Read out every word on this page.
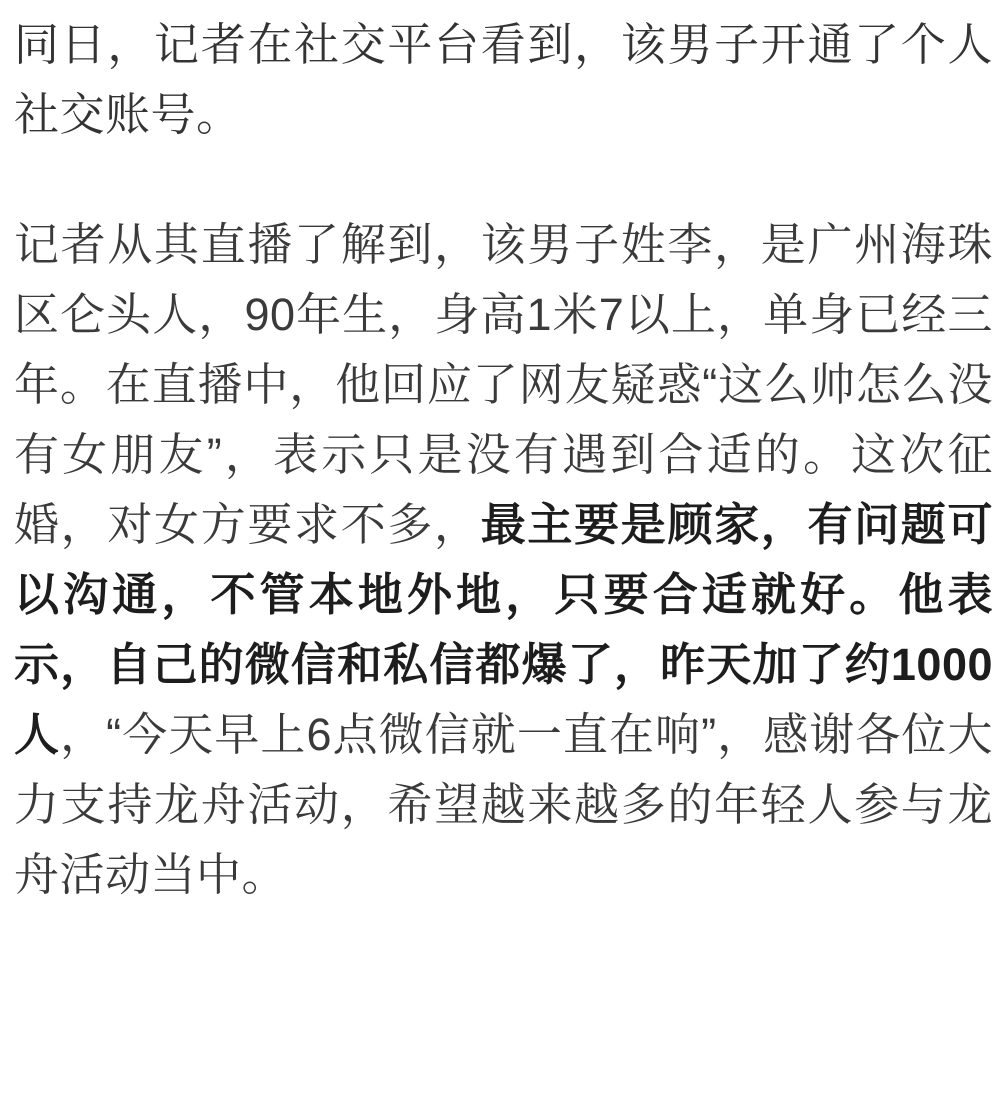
同日，记者在社交平台看到，该男子开通了个人社交账号。

记者从其直播了解到，该男子姓李，是广州海珠区仑头人，90年生，身高1米7以上，单身已经三年。在直播中，他回应了网友疑惑“这么帅怎么没有女朋友”，表示只是没有遇到合适的。这次征婚，对女方要求不多，最主要是顾家，有问题可以沟通，不管本地外地，只要合适就好。他表示，自己的微信和私信都爆了，昨天加了约1000人，“今天早上6点微信就一直在响”，感谢各位大力支持龙舟活动，希望越来越多的年轻人参与龙舟活动当中。
